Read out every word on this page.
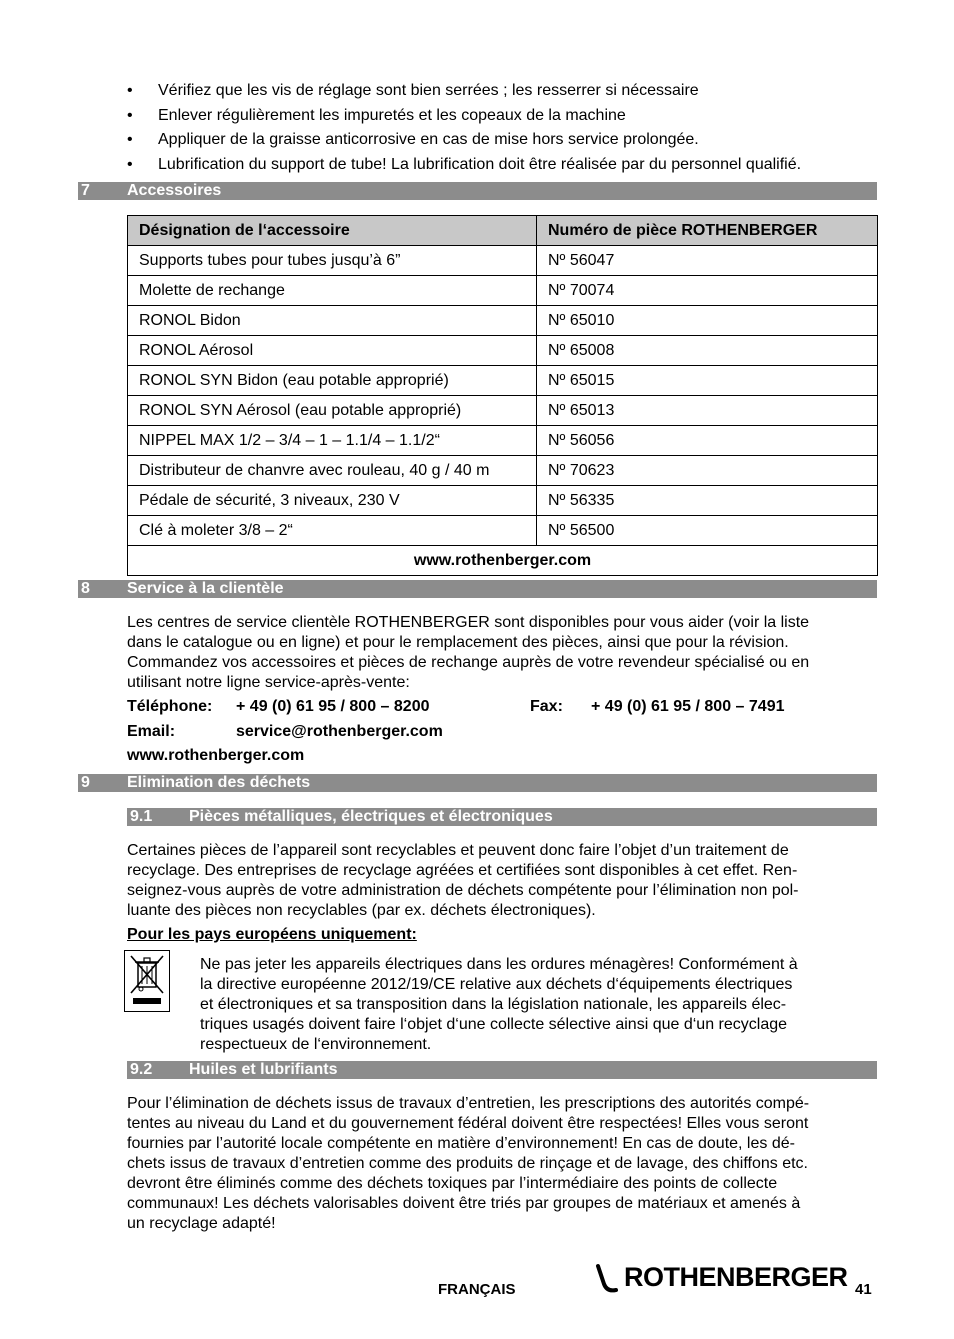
• Vérifiez que les vis de réglage sont bien serrées ; les resserrer si nécessaire
• Enlever régulièrement les impuretés et les copeaux de la machine
• Appliquer de la graisse anticorrosive en cas de mise hors service prolongée.
• Lubrification du support de tube! La lubrification doit être réalisée par du personnel qualifié.
7 Accessoires
Désignation de l‘accessoire	Numéro de pièce ROTHENBERGER
Supports tubes pour tubes jusqu’à 6”	Nº 56047
Molette de rechange	Nº 70074
RONOL Bidon	Nº 65010
RONOL Aérosol	Nº 65008
RONOL SYN Bidon (eau potable approprié)	Nº 65015
RONOL SYN Aérosol (eau potable approprié)	Nº 65013
NIPPEL MAX 1/2 – 3/4 – 1 – 1.1/4 – 1.1/2“	Nº 56056
Distributeur de chanvre avec rouleau, 40 g / 40 m	Nº 70623
Pédale de sécurité, 3 niveaux, 230 V	Nº 56335
Clé à moleter 3/8 – 2“	Nº 56500
www.rothenberger.com	
8 Service à la clientèle

Les centres de service clientèle ROTHENBERGER sont disponibles pour vous aider (voir la liste

dans le catalogue ou en ligne) et pour le remplacement des pièces, ainsi que pour la révision.

Commandez vos accessoires et pièces de rechange auprès de votre revendeur spécialisé ou en

utilisant notre ligne service-après-vente:

Téléphone: + 49 (0) 61 95 / 800 – 8200	Fax: + 49 (0) 61 95 / 800 – 7491
Email:	service@rothenberger.com
www.rothenberger.com
9 Elimination des déchets
9.1 Pièces métalliques, électriques et électroniques

Certaines pièces de l’appareil sont recyclables et peuvent donc faire l’objet d’un traitement de

recyclage. Des entreprises de recyclage agréées et certifiées sont disponibles à cet effet. Ren-

seignez-vous auprès de votre administration de déchets compétente pour l’élimination non pol-

luante des pièces non recyclables (par ex. déchets électroniques).

Pour les pays européens uniquement:

Ne pas jeter les appareils électriques dans les ordures ménagères! Conformément à

la directive européenne 2012/19/CE relative aux déchets d‘équipements électriques

et électroniques et sa transposition dans la législation nationale, les appareils élec-

triques usagés doivent faire l‘objet d‘une collecte sélective ainsi que d‘un recyclage

respectueux de l‘environnement.

9.2 Huiles et lubrifiants

Pour l’élimination de déchets issus de travaux d’entretien, les prescriptions des autorités compé-

tentes au niveau du Land et du gouvernement fédéral doivent être respectées! Elles vous seront

fournies par l’autorité locale compétente en matière d’environnement! En cas de doute, les dé-

chets issus de travaux d’entretien comme des produits de rinçage et de lavage, des chiffons etc.

devront être éliminés comme des déchets toxiques par l’intermédiaire des points de collecte

communaux! Les déchets valorisables doivent être triés par groupes de matériaux et amenés à

un recyclage adapté!

FRANÇAIS	ROTHENBERGER 41
